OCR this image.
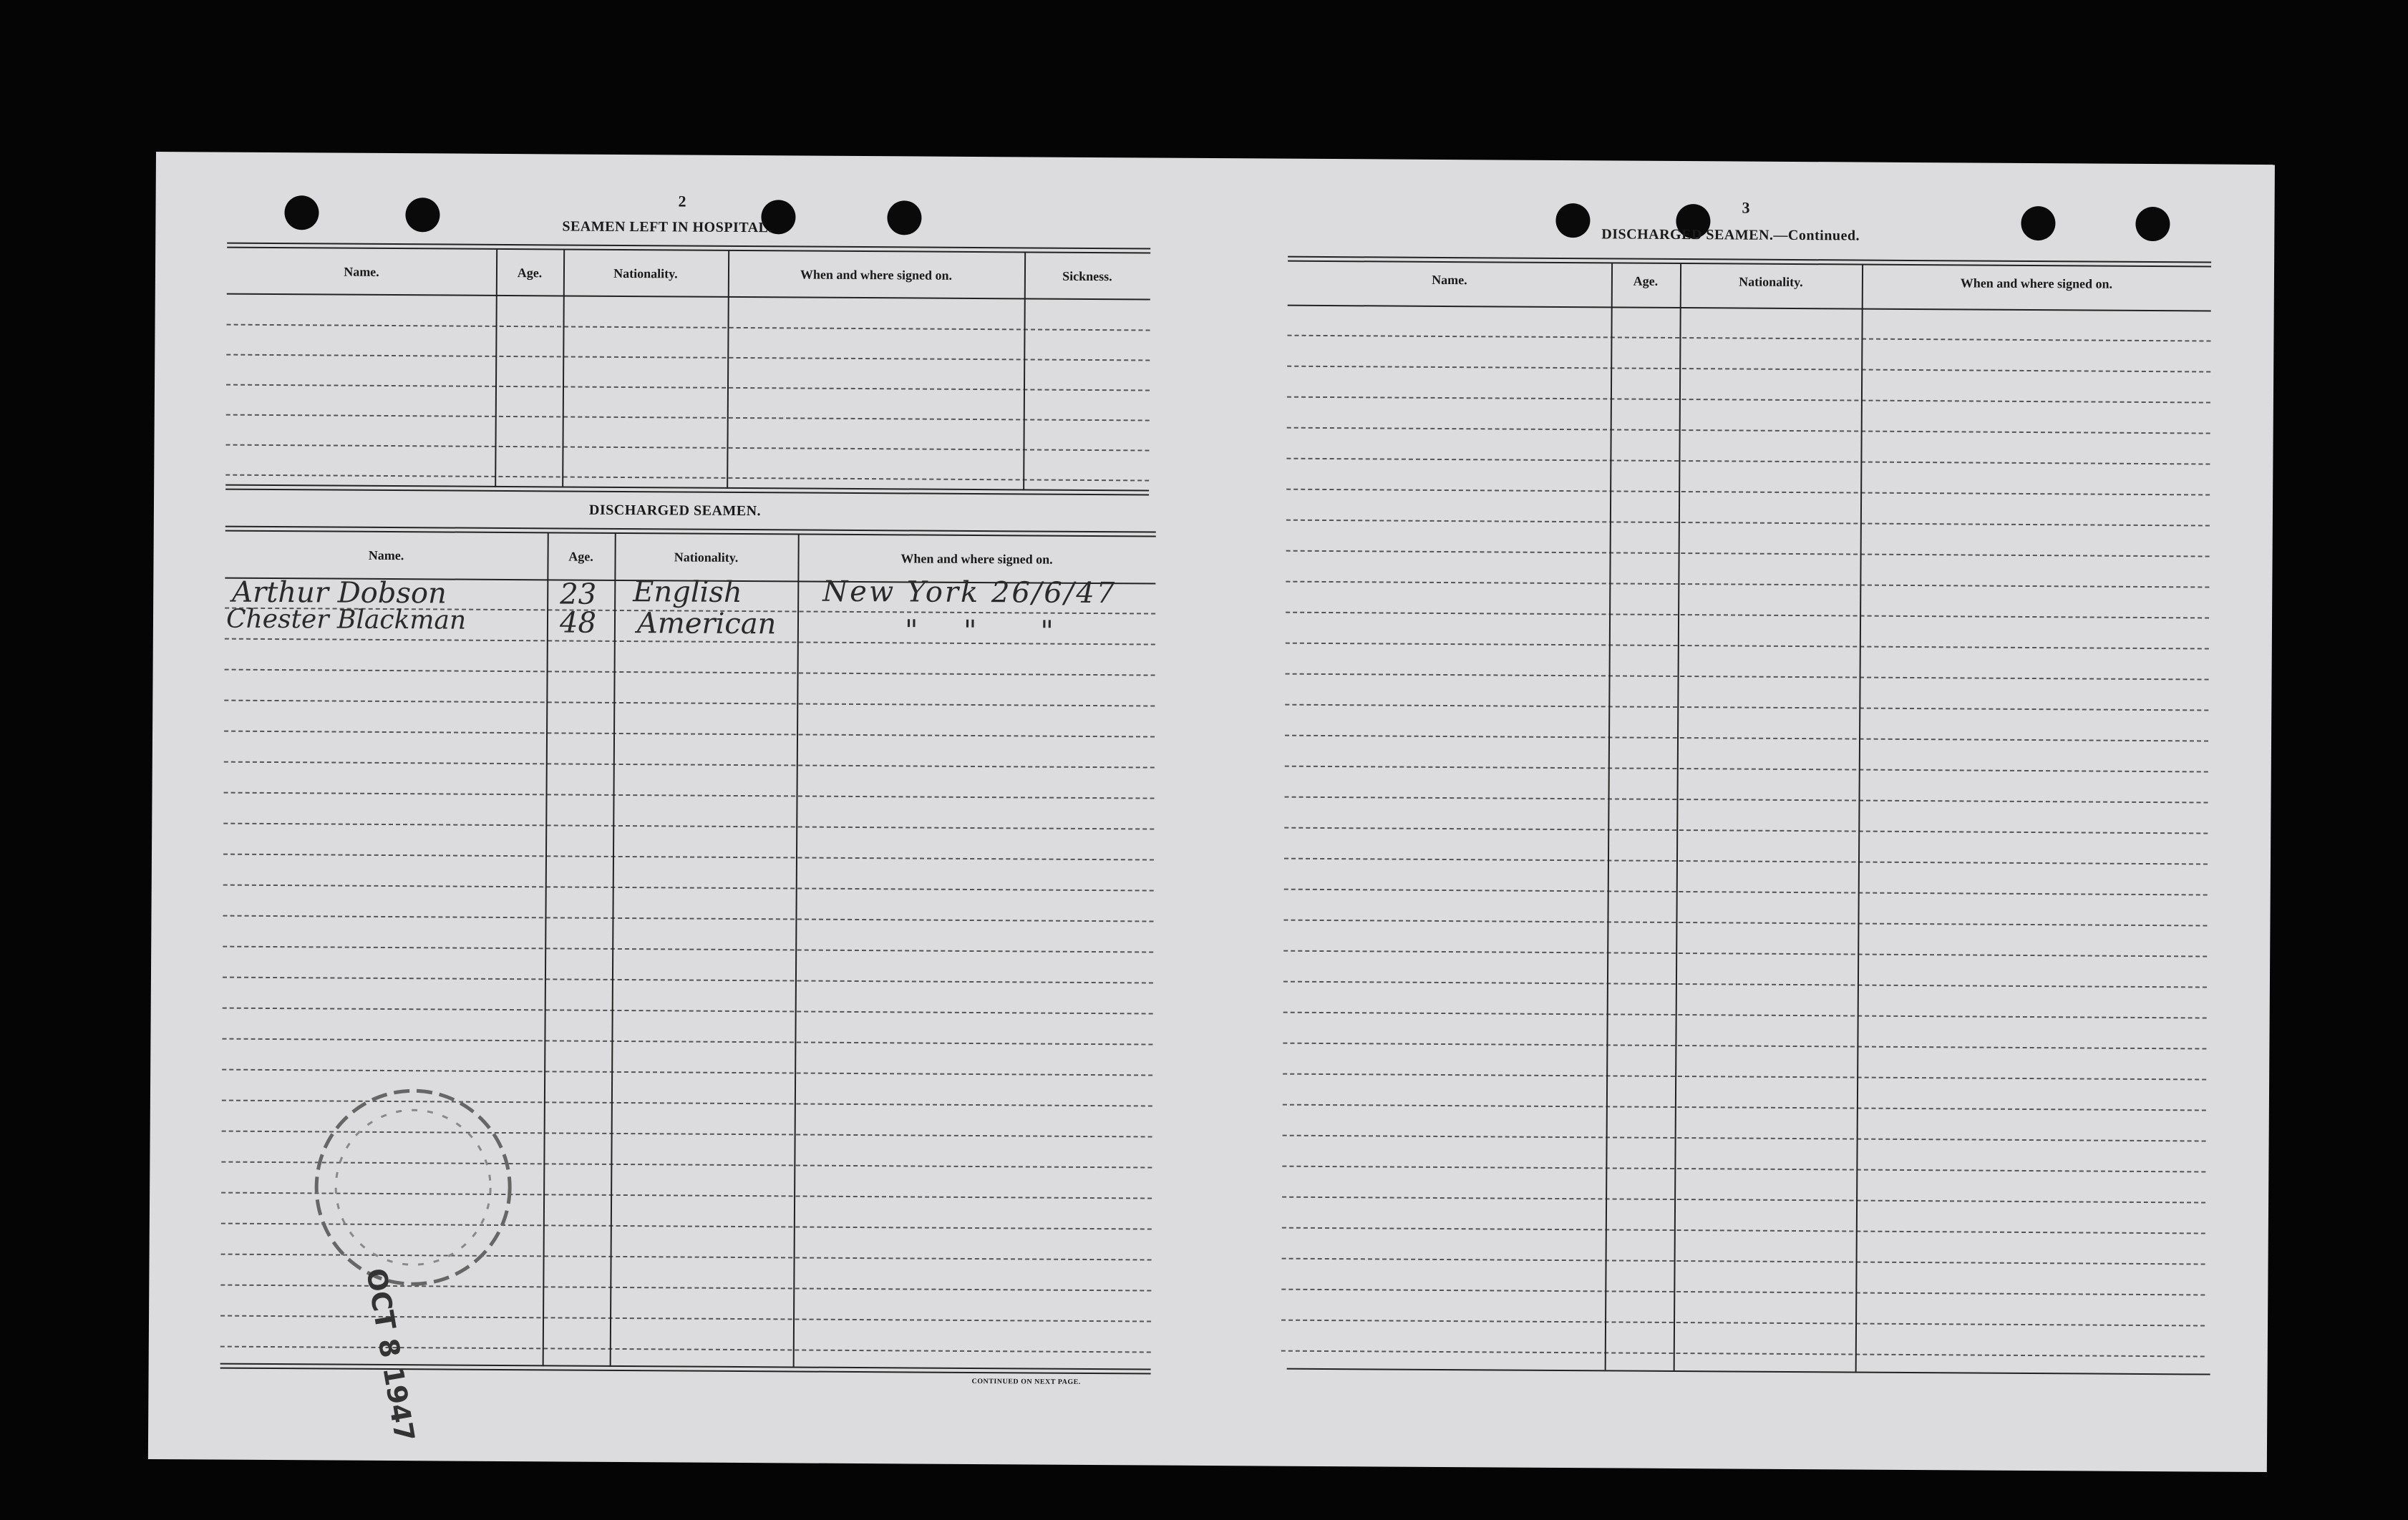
2
SEAMEN LEFT IN HOSPITAL.
Name.	Age.	Nationality.	When and where signed on.	Sickness.
DISCHARGED SEAMEN.
Name.	Age.	Nationality.	When and where signed on.
Arthur Dobson	23 English	New York 26/6/47
Chester Blackman	48 American	"     "       "
OCT 8 1947	CONTINUED ON NEXT PAGE.
3
DISCHARGED SEAMEN.—Continued.
Name.	Age.	Nationality.	When and where signed on.
